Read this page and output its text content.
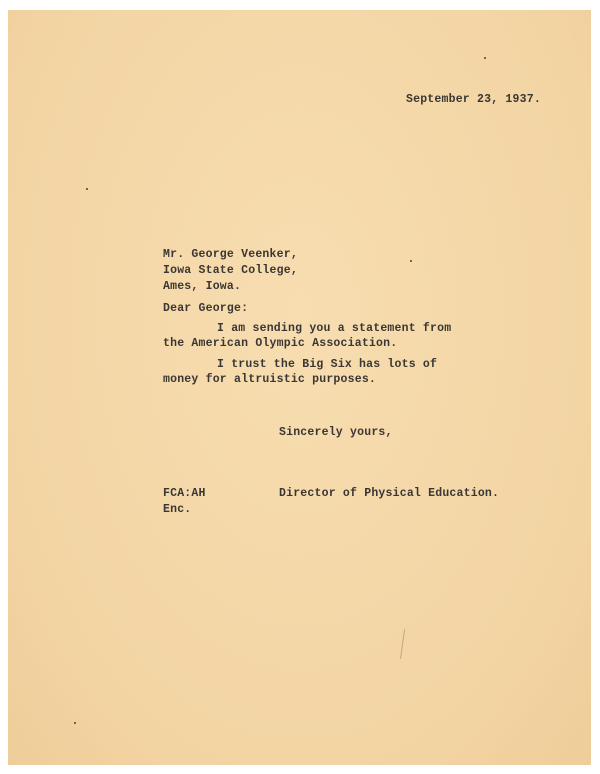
September 23, 1937.

Mr. George Veenker,

Iowa State College,

Ames, Iowa.

Dear George:

I am sending you a statement from

the American Olympic Association.

I trust the Big Six has lots of

money for altruistic purposes.

Sincerely yours,

FCA:AH

Enc.

Director of Physical Education.
